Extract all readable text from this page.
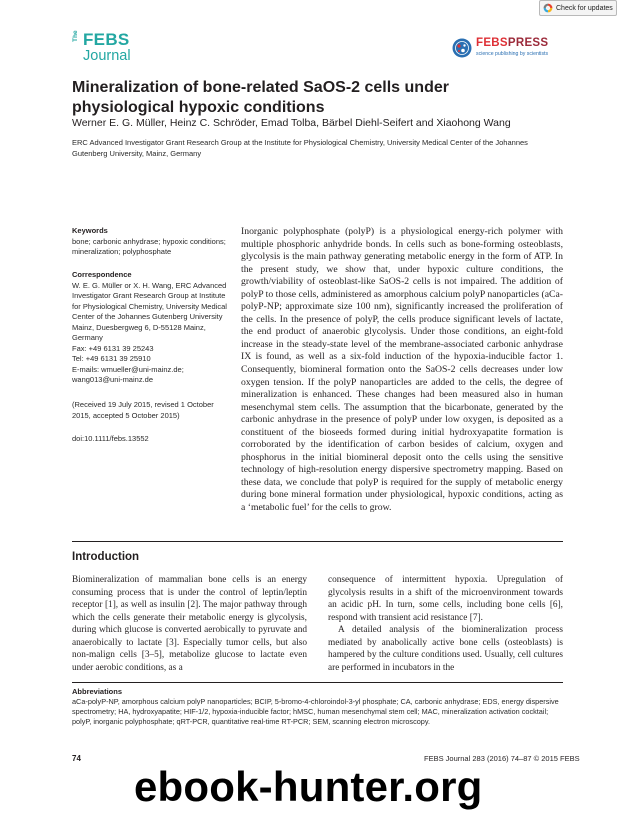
Check for updates
The FEBS
Journal
FEBSPRESS
science publishing by scientists
Mineralization of bone-related SaOS-2 cells under physiological hypoxic conditions
Werner E. G. Müller, Heinz C. Schröder, Emad Tolba, Bärbel Diehl-Seifert and Xiaohong Wang
ERC Advanced Investigator Grant Research Group at the Institute for Physiological Chemistry, University Medical Center of the Johannes Gutenberg University, Mainz, Germany

Keywords

bone; carbonic anhydrase; hypoxic conditions; mineralization; polyphosphate

Correspondence

W. E. G. Müller or X. H. Wang, ERC Advanced Investigator Grant Research Group at Institute for Physiological Chemistry, University Medical Center of the Johannes Gutenberg University Mainz, Duesbergweg 6, D-55128 Mainz, Germany

Fax: +49 6131 39 25243

Tel: +49 6131 39 25910

E-mails: wmueller@uni-mainz.de; wang013@uni-mainz.de

(Received 19 July 2015, revised 1 October 2015, accepted 5 October 2015)
doi:10.1111/febs.13552

Inorganic polyphosphate (polyP) is a physiological energy-rich polymer with multiple phosphoric anhydride bonds. In cells such as bone-forming osteoblasts, glycolysis is the main pathway generating metabolic energy in the form of ATP. In the present study, we show that, under hypoxic culture conditions, the growth/viability of osteoblast-like SaOS-2 cells is not impaired. The addition of polyP to those cells, administered as amorphous calcium polyP nanoparticles (aCa-polyP-NP; approximate size 100 nm), significantly increased the proliferation of the cells. In the presence of polyP, the cells produce significant levels of lactate, the end product of anaerobic glycolysis. Under those conditions, an eight-fold increase in the steady-state level of the membrane-associated carbonic anhydrase IX is found, as well as a six-fold induction of the hypoxia-inducible factor 1. Consequently, biomineral formation onto the SaOS-2 cells decreases under low oxygen tension. If the polyP nanoparticles are added to the cells, the degree of mineralization is enhanced. These changes had been measured also in human mesenchymal stem cells. The assumption that the bicarbonate, generated by the carbonic anhydrase in the presence of polyP under low oxygen, is deposited as a constituent of the bioseeds formed during initial hydroxyapatite formation is corroborated by the identification of carbon besides of calcium, oxygen and phosphorus in the initial biomineral deposit onto the cells using the sensitive technology of high-resolution energy dispersive spectrometry mapping. Based on these data, we conclude that polyP is required for the supply of metabolic energy during bone mineral formation under physiological, hypoxic conditions, acting as a ‘metabolic fuel’ for the cells to grow.

Introduction

Biomineralization of mammalian bone cells is an energy consuming process that is under the control of leptin/leptin receptor [1], as well as insulin [2]. The major pathway through which the cells generate their metabolic energy is glycolysis, during which glucose is converted aerobically to pyruvate and anaerobically to lactate [3]. Especially tumor cells, but also non-malign cells [3–5], metabolize glucose to lactate even under aerobic conditions, as a

consequence of intermittent hypoxia. Upregulation of glycolysis results in a shift of the microenvironment towards an acidic pH. In turn, some cells, including bone cells [6], respond with transient acid resistance [7].

A detailed analysis of the biomineralization process mediated by anabolically active bone cells (osteoblasts) is hampered by the culture conditions used. Usually, cell cultures are performed in incubators in the

Abbreviations
aCa-polyP-NP, amorphous calcium polyP nanoparticles; BCIP, 5-bromo-4-chloroindol-3-yl phosphate; CA, carbonic anhydrase; EDS, energy dispersive spectrometry; HA, hydroxyapatite; HIF-1/2, hypoxia-inducible factor; hMSC, human mesenchymal stem cell; MAC, mineralization activation cocktail; polyP, inorganic polyphosphate; qRT-PCR, quantitative real-time RT-PCR; SEM, scanning electron microscopy.
74	FEBS Journal 283 (2016) 74–87 © 2015 FEBS
ebook-hunter.org
